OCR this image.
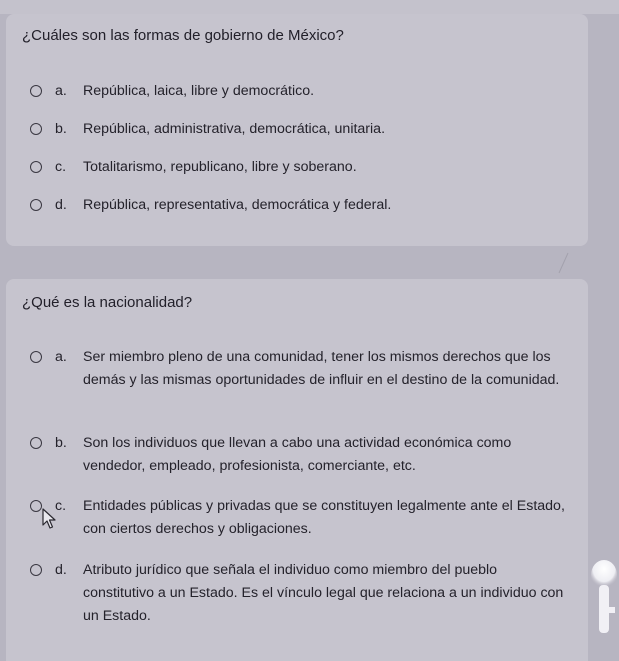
¿Cuáles son las formas de gobierno de México?
a.	República, laica, libre y democrático.
b.	República, administrativa, democrática, unitaria.
c.	Totalitarismo, republicano, libre y soberano.
d.	República, representativa, democrática y federal.
¿Qué es la nacionalidad?
a.	Ser miembro pleno de una comunidad, tener los mismos derechos que los demás y las mismas oportunidades de influir en el destino de la comunidad.
b.	Son los individuos que llevan a cabo una actividad económica como vendedor, empleado, profesionista, comerciante, etc.
c.	Entidades públicas y privadas que se constituyen legalmente ante el Estado, con ciertos derechos y obligaciones.
d.	Atributo jurídico que señala el individuo como miembro del pueblo constitutivo a un Estado. Es el vínculo legal que relaciona a un individuo con un Estado.
